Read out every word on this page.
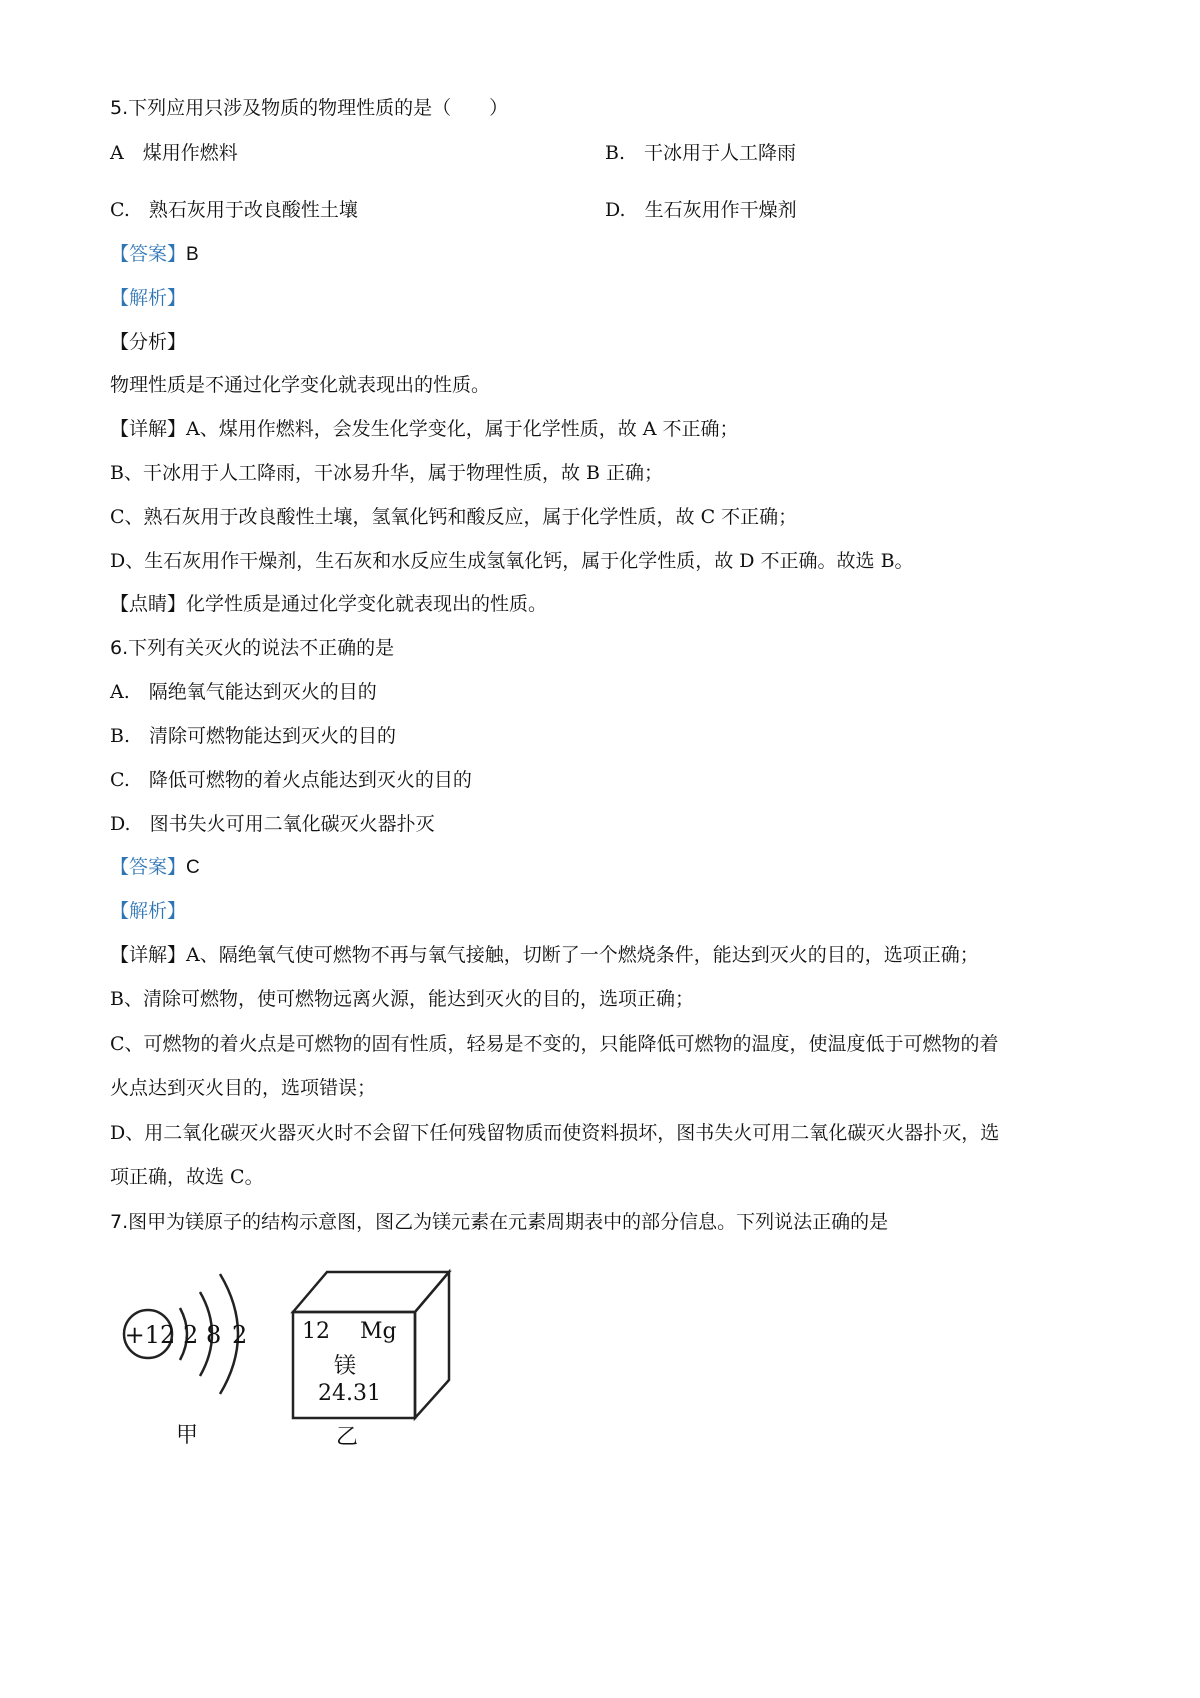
5.下列应用只涉及物质的物理性质的是（　　）
A　煤用作燃料	B.　干冰用于人工降雨
C.　熟石灰用于改良酸性土壤	D.　生石灰用作干燥剂
【答案】B
【解析】
【分析】
物理性质是不通过化学变化就表现出的性质。
【详解】A、煤用作燃料，会发生化学变化，属于化学性质，故 A 不正确；
B、干冰用于人工降雨，干冰易升华，属于物理性质，故 B 正确；
C、熟石灰用于改良酸性土壤，氢氧化钙和酸反应，属于化学性质，故 C 不正确；
D、生石灰用作干燥剂，生石灰和水反应生成氢氧化钙，属于化学性质，故 D 不正确。故选 B。
【点睛】化学性质是通过化学变化就表现出的性质。
6.下列有关灭火的说法不正确的是
A.　隔绝氧气能达到灭火的目的
B.　清除可燃物能达到灭火的目的
C.　降低可燃物的着火点能达到灭火的目的
D.　图书失火可用二氧化碳灭火器扑灭
【答案】C
【解析】
【详解】A、隔绝氧气使可燃物不再与氧气接触，切断了一个燃烧条件，能达到灭火的目的，选项正确；
B、清除可燃物，使可燃物远离火源，能达到灭火的目的，选项正确；
C、可燃物的着火点是可燃物的固有性质，轻易是不变的，只能降低可燃物的温度，使温度低于可燃物的着
火点达到灭火目的，选项错误；
D、用二氧化碳灭火器灭火时不会留下任何残留物质而使资料损坏，图书失火可用二氧化碳灭火器扑灭，选
项正确，故选 C。
7.图甲为镁原子的结构示意图，图乙为镁元素在元素周期表中的部分信息。下列说法正确的是
+12 2 8 2
甲
12 Mg
镁
24.31
乙
